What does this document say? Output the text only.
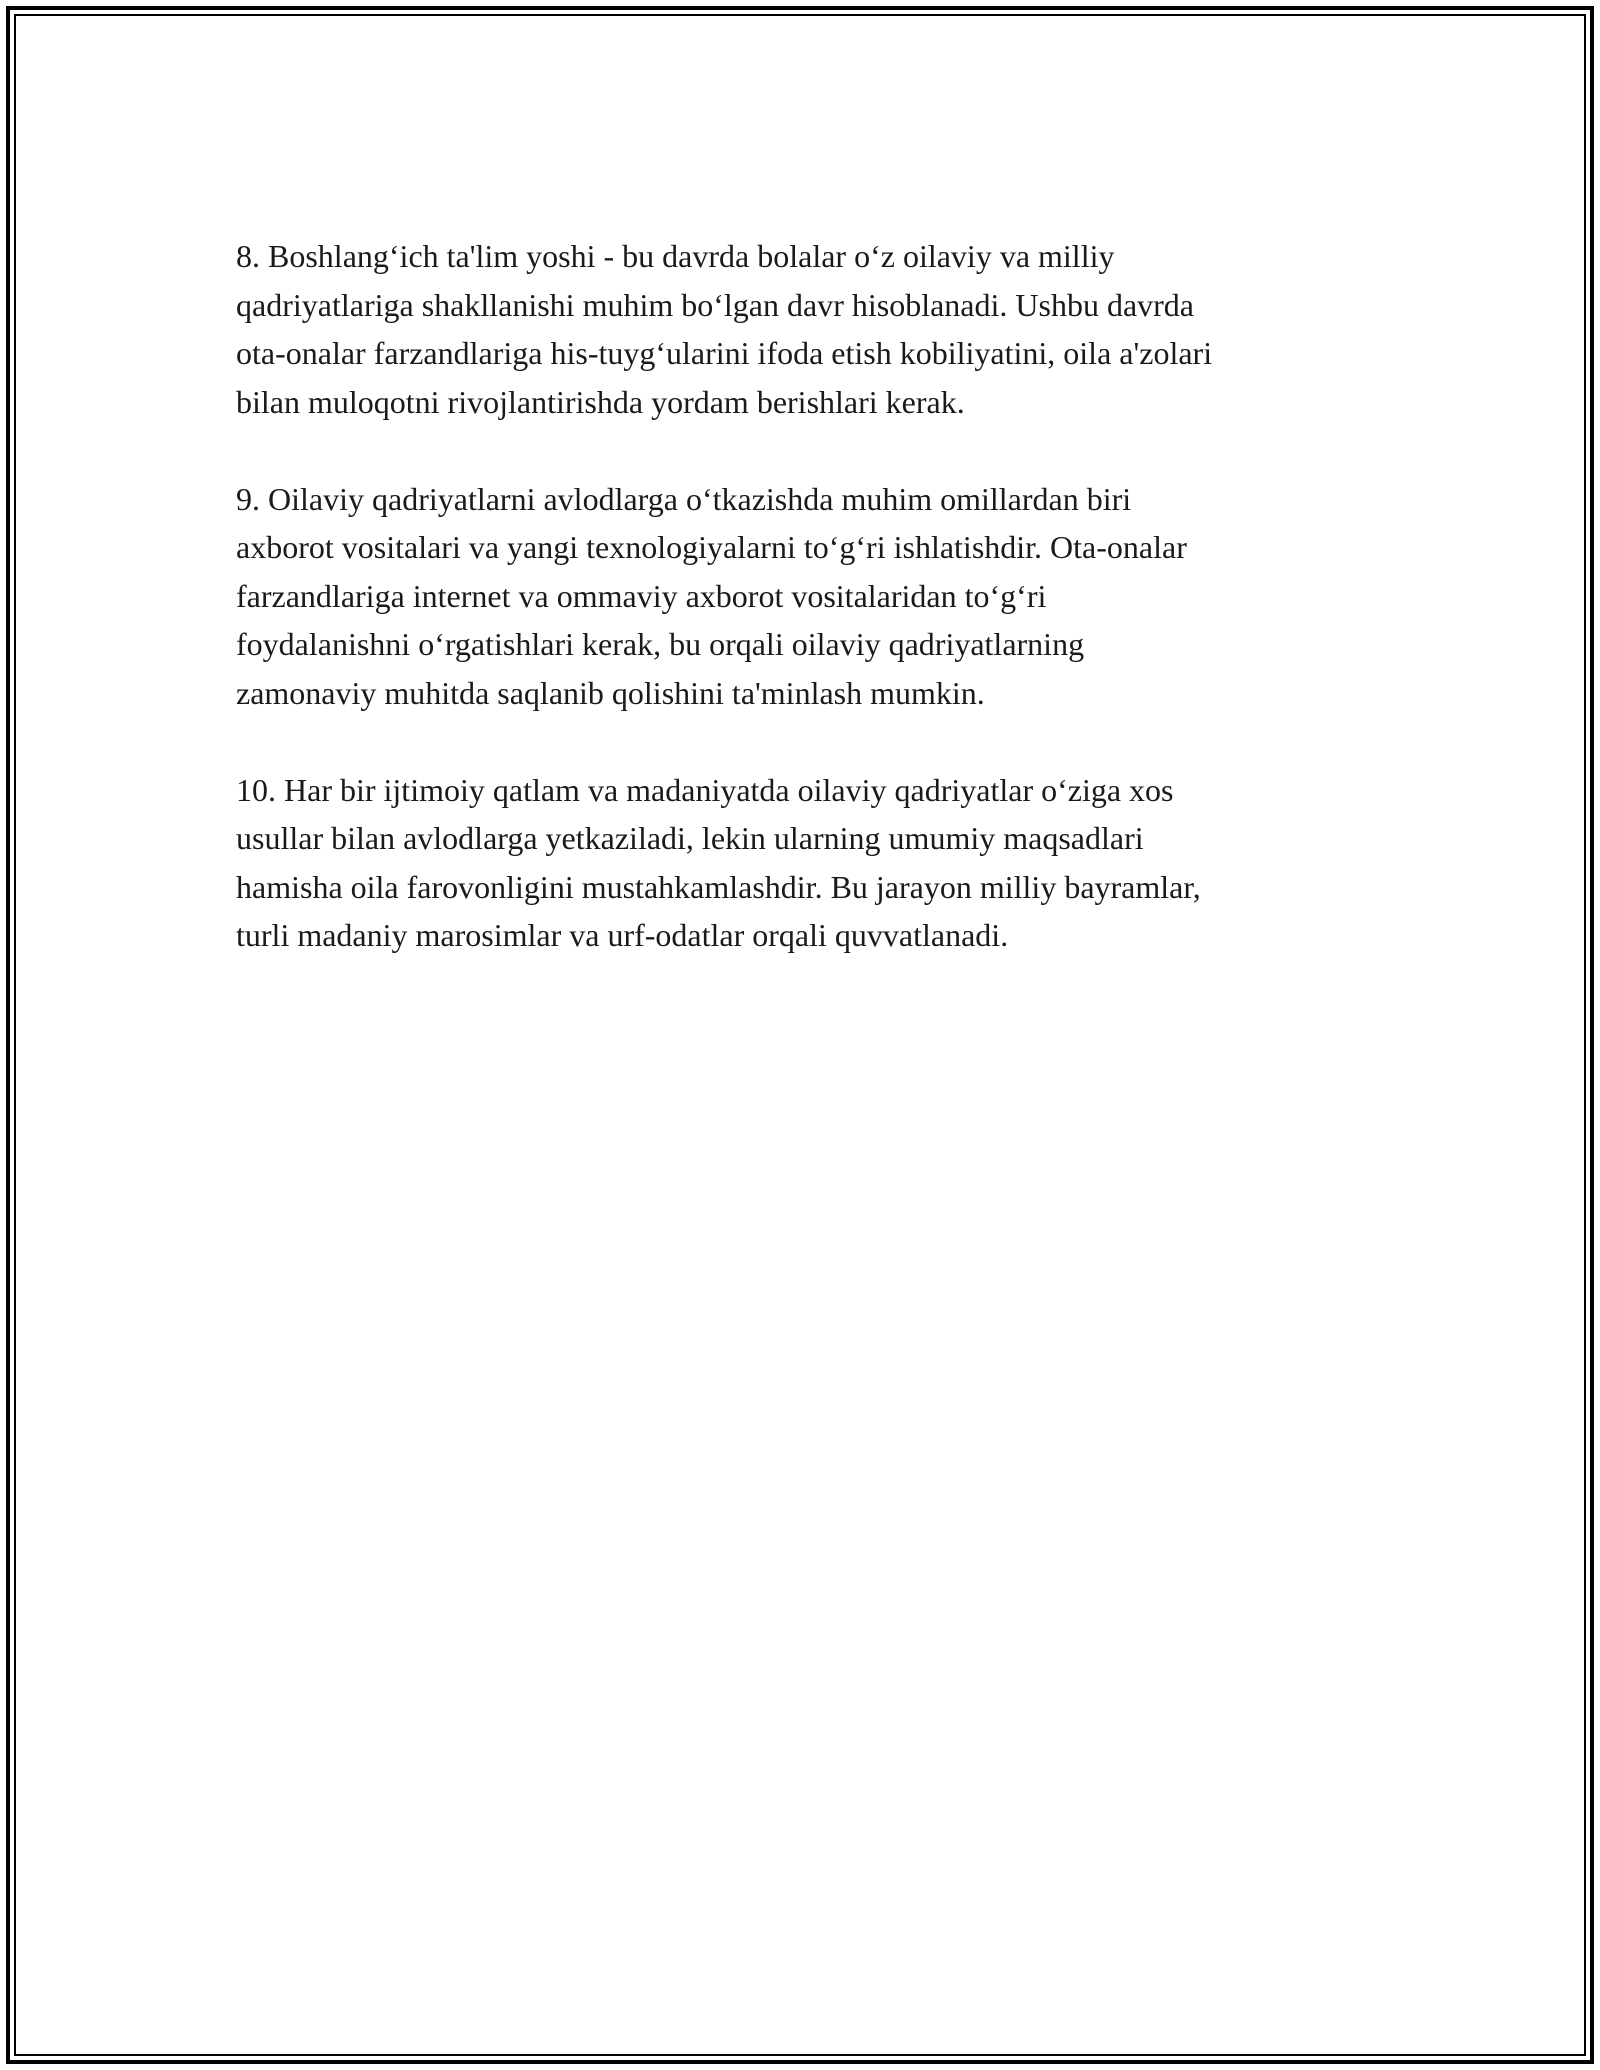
8. Boshlang‘ich ta'lim yoshi - bu davrda bolalar o‘z oilaviy va milliy
qadriyatlariga shakllanishi muhim bo‘lgan davr hisoblanadi. Ushbu davrda
ota-onalar farzandlariga his-tuyg‘ularini ifoda etish kobiliyatini, oila a'zolari
bilan muloqotni rivojlantirishda yordam berishlari kerak.

9. Oilaviy qadriyatlarni avlodlarga o‘tkazishda muhim omillardan biri
axborot vositalari va yangi texnologiyalarni to‘g‘ri ishlatishdir. Ota-onalar
farzandlariga internet va ommaviy axborot vositalaridan to‘g‘ri
foydalanishni o‘rgatishlari kerak, bu orqali oilaviy qadriyatlarning
zamonaviy muhitda saqlanib qolishini ta'minlash mumkin.

10. Har bir ijtimoiy qatlam va madaniyatda oilaviy qadriyatlar o‘ziga xos
usullar bilan avlodlarga yetkaziladi, lekin ularning umumiy maqsadlari
hamisha oila farovonligini mustahkamlashdir. Bu jarayon milliy bayramlar,
turli madaniy marosimlar va urf-odatlar orqali quvvatlanadi.
